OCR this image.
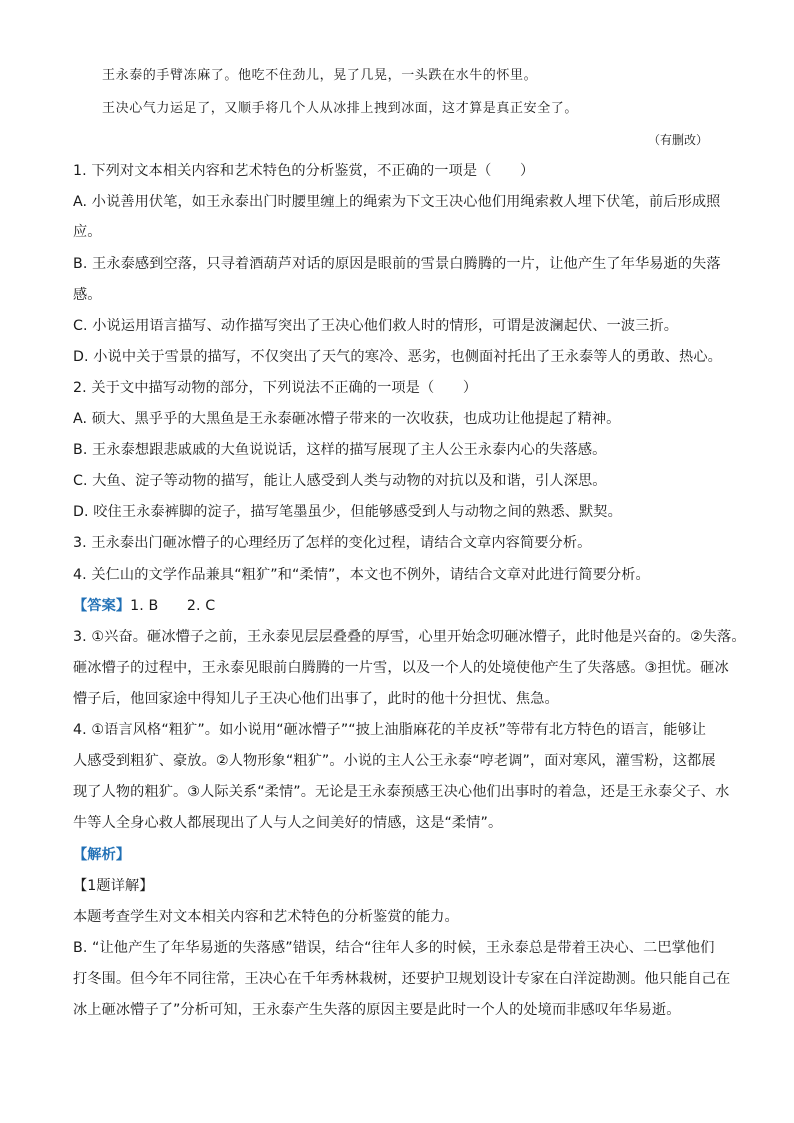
王永泰的手臂冻麻了。他吃不住劲儿，晃了几晃，一头跌在水牛的怀里。
王决心气力运足了，又顺手将几个人从冰排上拽到冰面，这才算是真正安全了。
（有删改）
1. 下列对文本相关内容和艺术特色的分析鉴赏，不正确的一项是（　　）
A. 小说善用伏笔，如王永泰出门时腰里缠上的绳索为下文王决心他们用绳索救人埋下伏笔，前后形成照
应。
B. 王永泰感到空落，只寻着酒葫芦对话的原因是眼前的雪景白腾腾的一片，让他产生了年华易逝的失落
感。
C. 小说运用语言描写、动作描写突出了王决心他们救人时的情形，可谓是波澜起伏、一波三折。
D. 小说中关于雪景的描写，不仅突出了天气的寒冷、恶劣，也侧面衬托出了王永泰等人的勇敢、热心。
2. 关于文中描写动物的部分，下列说法不正确的一项是（　　）
A. 硕大、黑乎乎的大黑鱼是王永泰砸冰懵子带来的一次收获，也成功让他提起了精神。
B. 王永泰想跟悲戚戚的大鱼说说话，这样的描写展现了主人公王永泰内心的失落感。
C. 大鱼、淀子等动物的描写，能让人感受到人类与动物的对抗以及和谐，引人深思。
D. 咬住王永泰裤脚的淀子，描写笔墨虽少，但能够感受到人与动物之间的熟悉、默契。
3. 王永泰出门砸冰懵子的心理经历了怎样的变化过程，请结合文章内容简要分析。
4. 关仁山的文学作品兼具“粗犷”和“柔情”，本文也不例外，请结合文章对此进行简要分析。
【答案】1. B　　2. C
3. ①兴奋。砸冰懵子之前，王永泰见层层叠叠的厚雪，心里开始念叨砸冰懵子，此时他是兴奋的。②失落。
砸冰懵子的过程中，王永泰见眼前白腾腾的一片雪，以及一个人的处境使他产生了失落感。③担忧。砸冰
懵子后，他回家途中得知儿子王决心他们出事了，此时的他十分担忧、焦急。
4. ①语言风格“粗犷”。如小说用“砸冰懵子”“披上油脂麻花的羊皮袄”等带有北方特色的语言，能够让
人感受到粗犷、豪放。②人物形象“粗犷”。小说的主人公王永泰“哼老调”，面对寒风，灌雪粉，这都展
现了人物的粗犷。③人际关系“柔情”。无论是王永泰预感王决心他们出事时的着急，还是王永泰父子、水
牛等人全身心救人都展现出了人与人之间美好的情感，这是“柔情”。
【解析】
【1题详解】
本题考查学生对文本相关内容和艺术特色的分析鉴赏的能力。
B. “让他产生了年华易逝的失落感”错误，结合“往年人多的时候，王永泰总是带着王决心、二巴掌他们
打冬围。但今年不同往常，王决心在千年秀林栽树，还要护卫规划设计专家在白洋淀勘测。他只能自己在
冰上砸冰懵子了”分析可知，王永泰产生失落的原因主要是此时一个人的处境而非感叹年华易逝。
